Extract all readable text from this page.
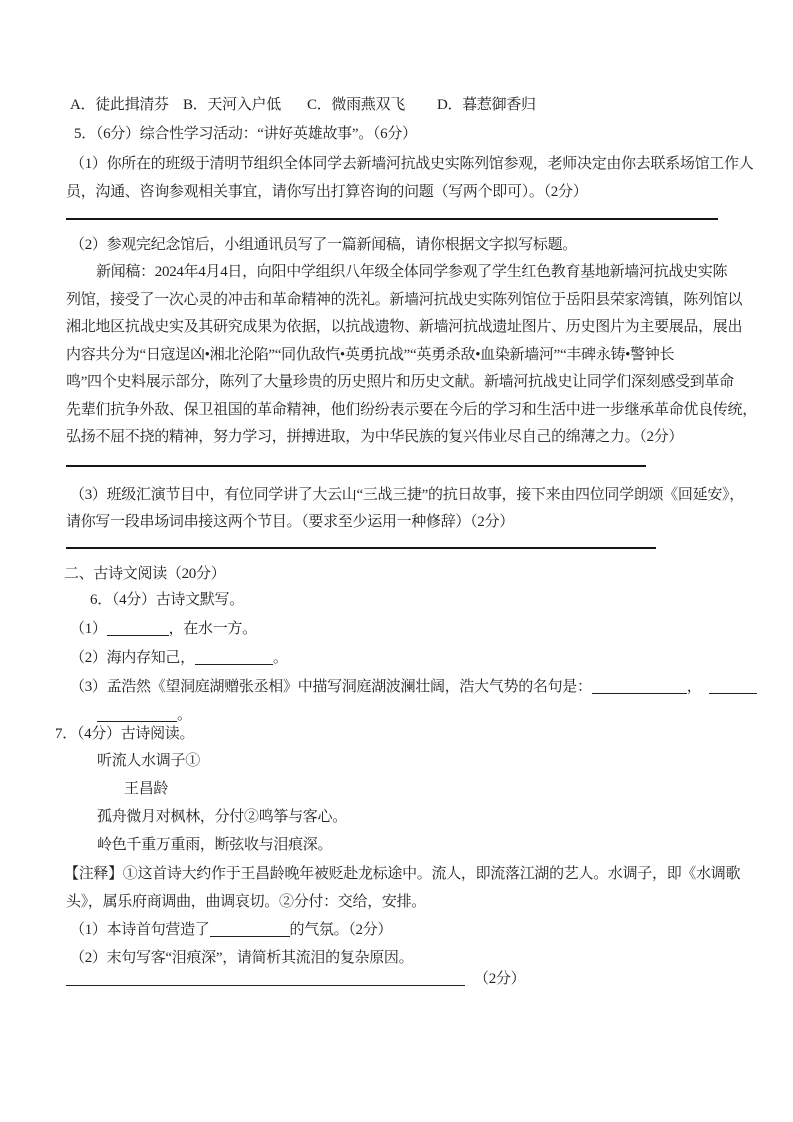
A．徒此揖清芬 B．天河入户低 C．微雨燕双飞 D．暮惹御香归
5．（6分）综合性学习活动：“讲好英雄故事”。（6分）
（1）你所在的班级于清明节组织全体同学去新墙河抗战史实陈列馆参观，老师决定由你去联系场馆工作人
员，沟通、咨询参观相关事宜，请你写出打算咨询的问题（写两个即可）。（2分）
（2）参观完纪念馆后，小组通讯员写了一篇新闻稿，请你根据文字拟写标题。
新闻稿：2024年4月4日，向阳中学组织八年级全体同学参观了学生红色教育基地新墙河抗战史实陈
列馆，接受了一次心灵的冲击和革命精神的洗礼。新墙河抗战史实陈列馆位于岳阳县荣家湾镇，陈列馆以
湘北地区抗战史实及其研究成果为依据，以抗战遗物、新墙河抗战遗址图片、历史图片为主要展品，展出
内容共分为“日寇逞凶•湘北沦陷”“同仇敌忾•英勇抗战”“英勇杀敌•血染新墙河”“丰碑永铸•警钟长
鸣”四个史料展示部分，陈列了大量珍贵的历史照片和历史文献。新墙河抗战史让同学们深刻感受到革命
先辈们抗争外敌、保卫祖国的革命精神，他们纷纷表示要在今后的学习和生活中进一步继承革命优良传统，
弘扬不屈不挠的精神，努力学习，拼搏进取，为中华民族的复兴伟业尽自己的绵薄之力。（2分）
（3）班级汇演节目中，有位同学讲了大云山“三战三捷”的抗日故事，接下来由四位同学朗颂《回延安》，
请你写一段串场词串接这两个节目。（要求至少运用一种修辞）（2分）
二、古诗文阅读（20分）
6．（4分）古诗文默写。
（1）	，在水一方。
（2）海内存知己，	。
（3）孟浩然《望洞庭湖赠张丞相》中描写洞庭湖波澜壮阔，浩大气势的名句是：	，
。
7．（4分）古诗阅读。
听流人水调子①
王昌龄
孤舟微月对枫林，分付②鸣筝与客心。
岭色千重万重雨，断弦收与泪痕深。
【注释】①这首诗大约作于王昌龄晚年被贬赴龙标途中。流人，即流落江湖的艺人。水调子，即《水调歌
头》，属乐府商调曲，曲调哀切。②分付：交给，安排。
（1）本诗首句营造了	的气氛。（2分）
（2）末句写客“泪痕深”，请简析其流泪的复杂原因。
（2分）
